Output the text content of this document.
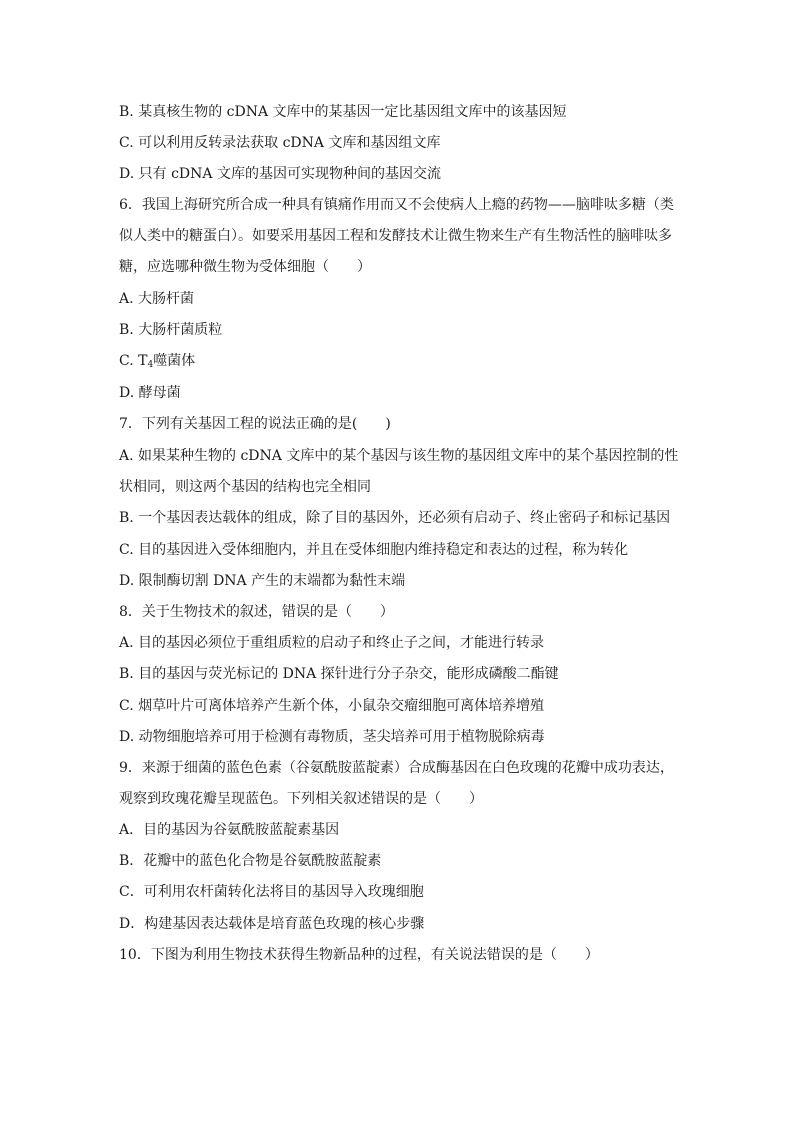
B. 某真核生物的 cDNA 文库中的某基因一定比基因组文库中的该基因短
C. 可以利用反转录法获取 cDNA 文库和基因组文库
D. 只有 cDNA 文库的基因可实现物种间的基因交流
6．我国上海研究所合成一种具有镇痛作用而又不会使病人上瘾的药物——脑啡呔多糖（类
似人类中的糖蛋白）。如要采用基因工程和发酵技术让微生物来生产有生物活性的脑啡呔多
糖，应选哪种微生物为受体细胞（　　）
A. 大肠杆菌
B. 大肠杆菌质粒
C. $T_4$噬菌体
D. 酵母菌
7．下列有关基因工程的说法正确的是(　　)
A. 如果某种生物的 cDNA 文库中的某个基因与该生物的基因组文库中的某个基因控制的性
状相同，则这两个基因的结构也完全相同
B. 一个基因表达载体的组成，除了目的基因外，还必须有启动子、终止密码子和标记基因
C. 目的基因进入受体细胞内，并且在受体细胞内维持稳定和表达的过程，称为转化
D. 限制酶切割 DNA 产生的末端都为黏性末端
8．关于生物技术的叙述，错误的是（　　）
A. 目的基因必须位于重组质粒的启动子和终止子之间，才能进行转录
B. 目的基因与荧光标记的 DNA 探针进行分子杂交，能形成磷酸二酯键
C. 烟草叶片可离体培养产生新个体，小鼠杂交瘤细胞可离体培养增殖
D. 动物细胞培养可用于检测有毒物质，茎尖培养可用于植物脱除病毒
9．来源于细菌的蓝色色素（谷氨酰胺蓝靛素）合成酶基因在白色玫瑰的花瓣中成功表达，
观察到玫瑰花瓣呈现蓝色。下列相关叙述错误的是（　　）
A．目的基因为谷氨酰胺蓝靛素基因
B．花瓣中的蓝色化合物是谷氨酰胺蓝靛素
C．可利用农杆菌转化法将目的基因导入玫瑰细胞
D．构建基因表达载体是培育蓝色玫瑰的核心步骤
10．下图为利用生物技术获得生物新品种的过程，有关说法错误的是（　　）
